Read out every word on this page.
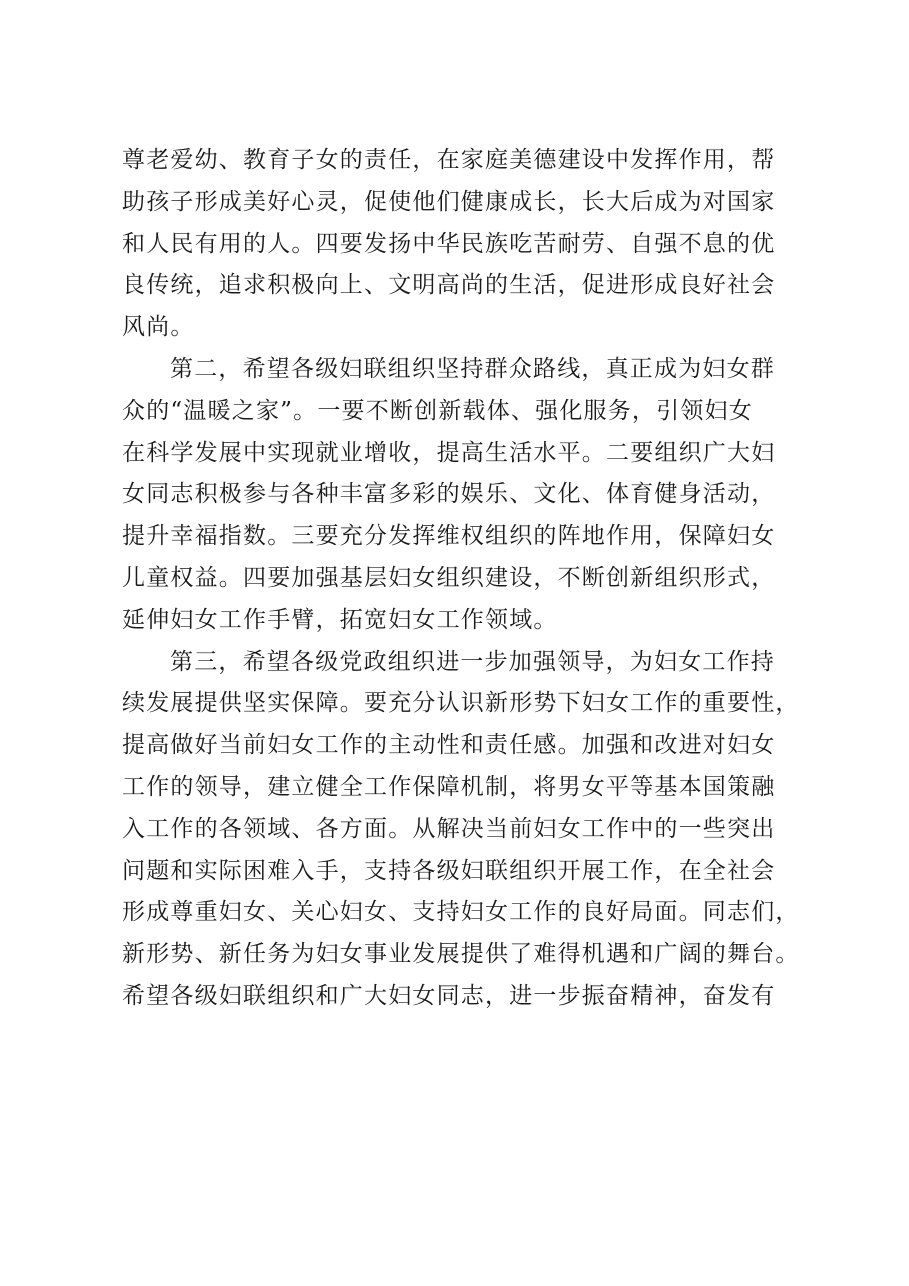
尊老爱幼、教育子女的责任，在家庭美德建设中发挥作用，帮
助孩子形成美好心灵，促使他们健康成长，长大后成为对国家
和人民有用的人。四要发扬中华民族吃苦耐劳、自强不息的优
良传统，追求积极向上、文明高尚的生活，促进形成良好社会
风尚。
第二，希望各级妇联组织坚持群众路线，真正成为妇女群
众的“温暖之家”。一要不断创新载体、强化服务，引领妇女
在科学发展中实现就业增收，提高生活水平。二要组织广大妇
女同志积极参与各种丰富多彩的娱乐、文化、体育健身活动，
提升幸福指数。三要充分发挥维权组织的阵地作用，保障妇女
儿童权益。四要加强基层妇女组织建设，不断创新组织形式，
延伸妇女工作手臂，拓宽妇女工作领域。
第三，希望各级党政组织进一步加强领导，为妇女工作持
续发展提供坚实保障。要充分认识新形势下妇女工作的重要性，
提高做好当前妇女工作的主动性和责任感。加强和改进对妇女
工作的领导，建立健全工作保障机制，将男女平等基本国策融
入工作的各领域、各方面。从解决当前妇女工作中的一些突出
问题和实际困难入手，支持各级妇联组织开展工作，在全社会
形成尊重妇女、关心妇女、支持妇女工作的良好局面。同志们，
新形势、新任务为妇女事业发展提供了难得机遇和广阔的舞台。
希望各级妇联组织和广大妇女同志，进一步振奋精神，奋发有
